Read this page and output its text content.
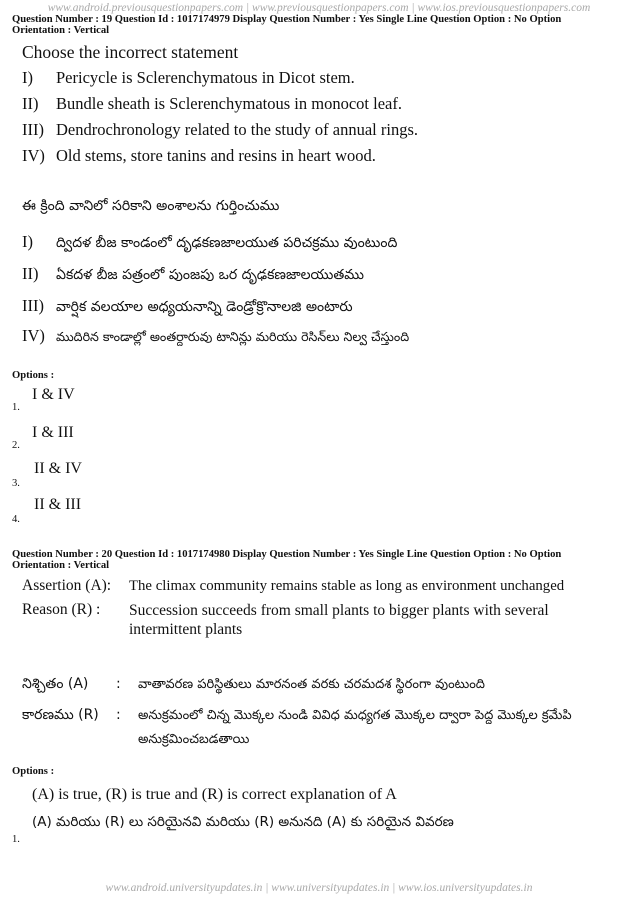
www.android.previousquestionpapers.com | www.previousquestionpapers.com | www.ios.previousquestionpapers.com
Question Number : 19 Question Id : 1017174979 Display Question Number : Yes Single Line Question Option : No Option
Orientation : Vertical
Choose the incorrect statement
I) Pericycle is Sclerenchymatous in Dicot stem.
II) Bundle sheath is Sclerenchymatous in monocot leaf.
III) Dendrochronology related to the study of annual rings.
IV) Old stems, store tanins and resins in heart wood.
ఈ క్రింది వానిలో సరికాని అంశాలను గుర్తించుము
I) ద్విదళ బీజ కాండంలో దృఢకణజాలయుత పరిచక్రము వుంటుంది
II) ఏకదళ బీజ పత్రంలో పుంజపు ఒర దృఢకణజాలయుతము
III) వార్షిక వలయాల అధ్యయనాన్ని డెండ్రోక్రొనాలజి అంటారు
IV) ముదిరిన కాండాల్లో అంతర్దారువు టానిన్లు మరియు రెసిన్‌లు నిల్వ చేస్తుంది
Options :
I & IV
1.
I & III
2.
II & IV
3.
II & III
4.
Question Number : 20 Question Id : 1017174980 Display Question Number : Yes Single Line Question Option : No Option
Orientation : Vertical
Assertion (A): The climax community remains stable as long as environment unchanged
Reason (R) : Succession succeeds from small plants to bigger plants with several intermittent plants
నిశ్చితం (A) : వాతావరణ పరిస్థితులు మారనంత వరకు చరమదశ స్థిరంగా వుంటుంది
కారణము (R) : అనుక్రమంలో చిన్న మొక్కల నుండి వివిధ మధ్యగత మొక్కల ద్వారా పెద్ద మొక్కల క్రమేపి అనుక్రమించబడతాయి
Options :
(A) is true, (R) is true and (R) is correct explanation of A
(A) మరియు (R) లు సరియైనవి మరియు (R) అనునది (A) కు సరియైన వివరణ
1.
www.android.universityupdates.in | www.universityupdates.in | www.ios.universityupdates.in
